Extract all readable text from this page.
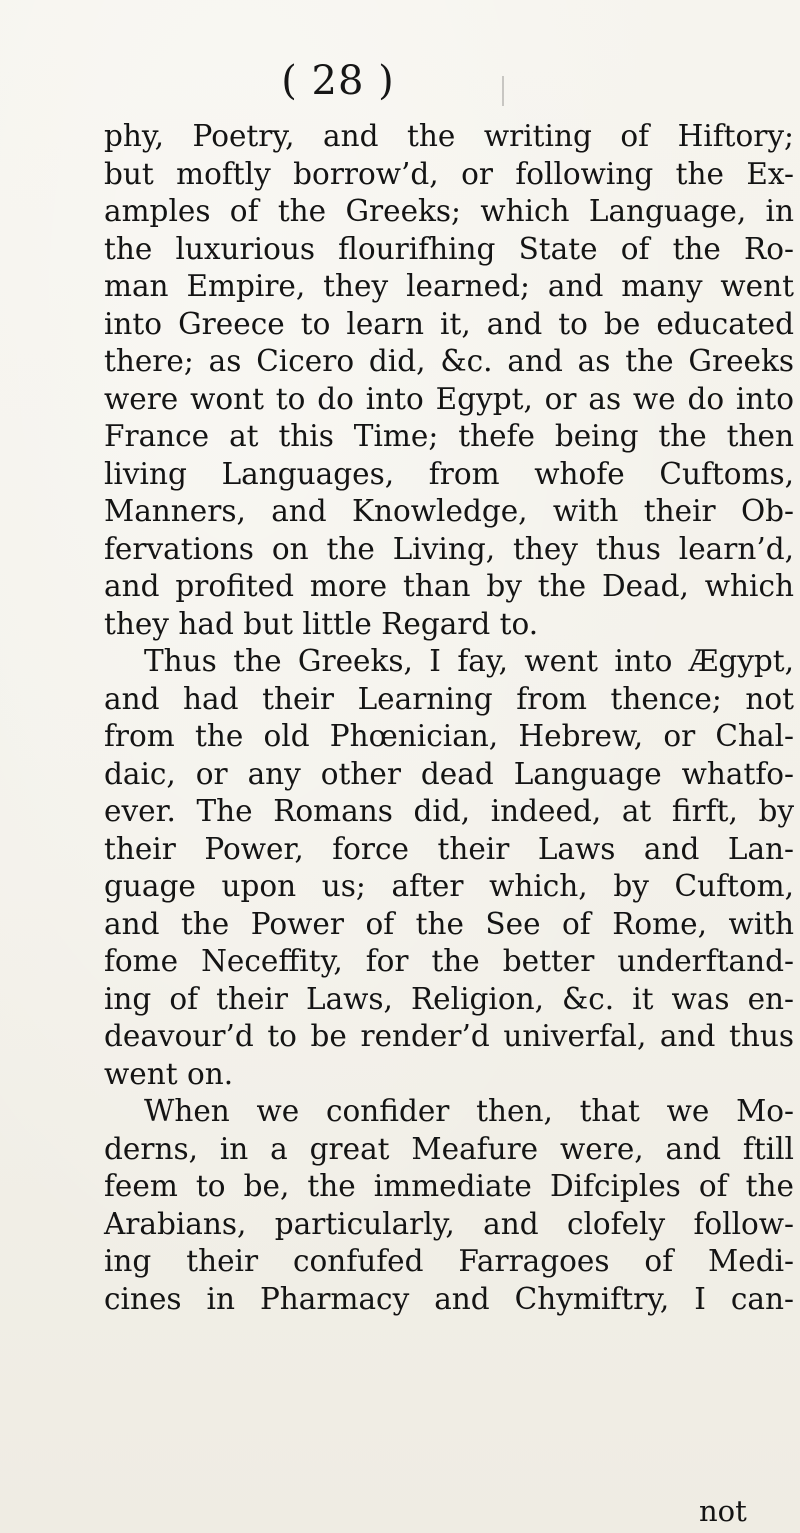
( 28 )
phy, Poetry, and the writing of Hiftory;
but moftly borrow’d, or following the Ex-
amples of the Greeks; which Language, in
the luxurious flourifhing State of the Ro-
man Empire, they learned; and many went
into Greece to learn it, and to be educated
there; as Cicero did, &c. and as the Greeks
were wont to do into Egypt, or as we do into
France at this Time; thefe being the then
living Languages, from whofe Cuftoms,
Manners, and Knowledge, with their Ob-
fervations on the Living, they thus learn’d,
and profited more than by the Dead, which
they had but little Regard to.
Thus the Greeks, I fay, went into Ægypt,
and had their Learning from thence; not
from the old Phœnician, Hebrew, or Chal-
daic, or any other dead Language whatfo-
ever. The Romans did, indeed, at firft, by
their Power, force their Laws and Lan-
guage upon us; after which, by Cuftom,
and the Power of the See of Rome, with
fome Neceffity, for the better underftand-
ing of their Laws, Religion, &c. it was en-
deavour’d to be render’d univerfal, and thus
went on.
When we confider then, that we Mo-
derns, in a great Meafure were, and ftill
feem to be, the immediate Difciples of the
Arabians, particularly, and clofely follow-
ing their confufed Farragoes of Medi-
cines in Pharmacy and Chymiftry, I can-
not
